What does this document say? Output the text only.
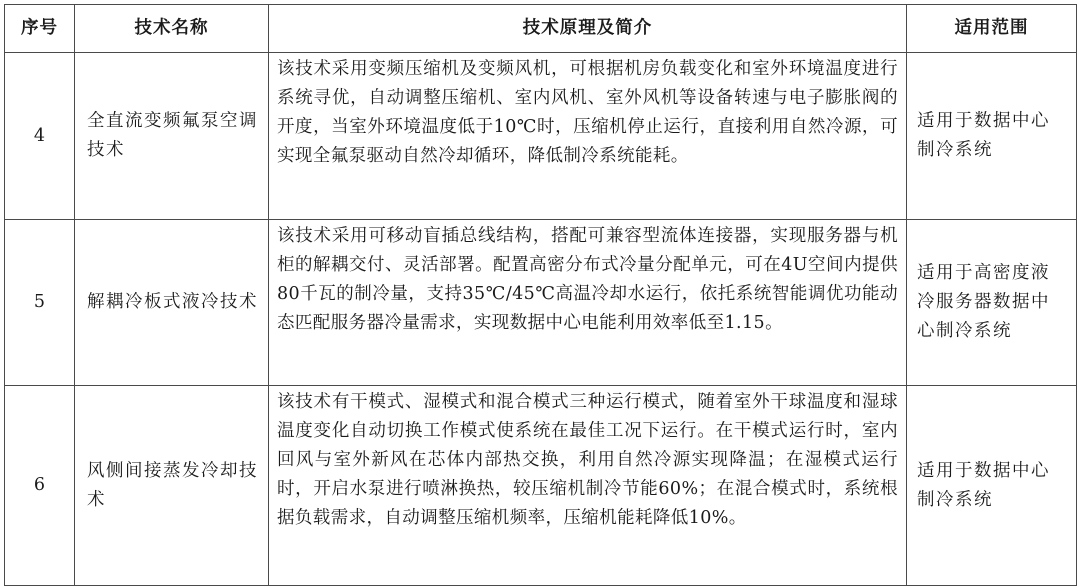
序号	技术名称	技术原理及简介	适用范围
4	全直流变频氟泵空调技术	该技术采用变频压缩机及变频风机，可根据机房负载变化和室外环境温度进行系统寻优，自动调整压缩机、室内风机、室外风机等设备转速与电子膨胀阀的开度，当室外环境温度低于10℃时，压缩机停止运行，直接利用自然冷源，可实现全氟泵驱动自然冷却循环，降低制冷系统能耗。	适用于数据中心制冷系统
5	解耦冷板式液冷技术	该技术采用可移动盲插总线结构，搭配可兼容型流体连接器，实现服务器与机柜的解耦交付、灵活部署。配置高密分布式冷量分配单元，可在4U空间内提供80千瓦的制冷量，支持35℃/45℃高温冷却水运行，依托系统智能调优功能动态匹配服务器冷量需求，实现数据中心电能利用效率低至1.15。	适用于高密度液冷服务器数据中心制冷系统
6	风侧间接蒸发冷却技术	该技术有干模式、湿模式和混合模式三种运行模式，随着室外干球温度和湿球温度变化自动切换工作模式使系统在最佳工况下运行。在干模式运行时，室内回风与室外新风在芯体内部热交换，利用自然冷源实现降温；在湿模式运行时，开启水泵进行喷淋换热，较压缩机制冷节能60%；在混合模式时，系统根据负载需求，自动调整压缩机频率，压缩机能耗降低10%。	适用于数据中心制冷系统
